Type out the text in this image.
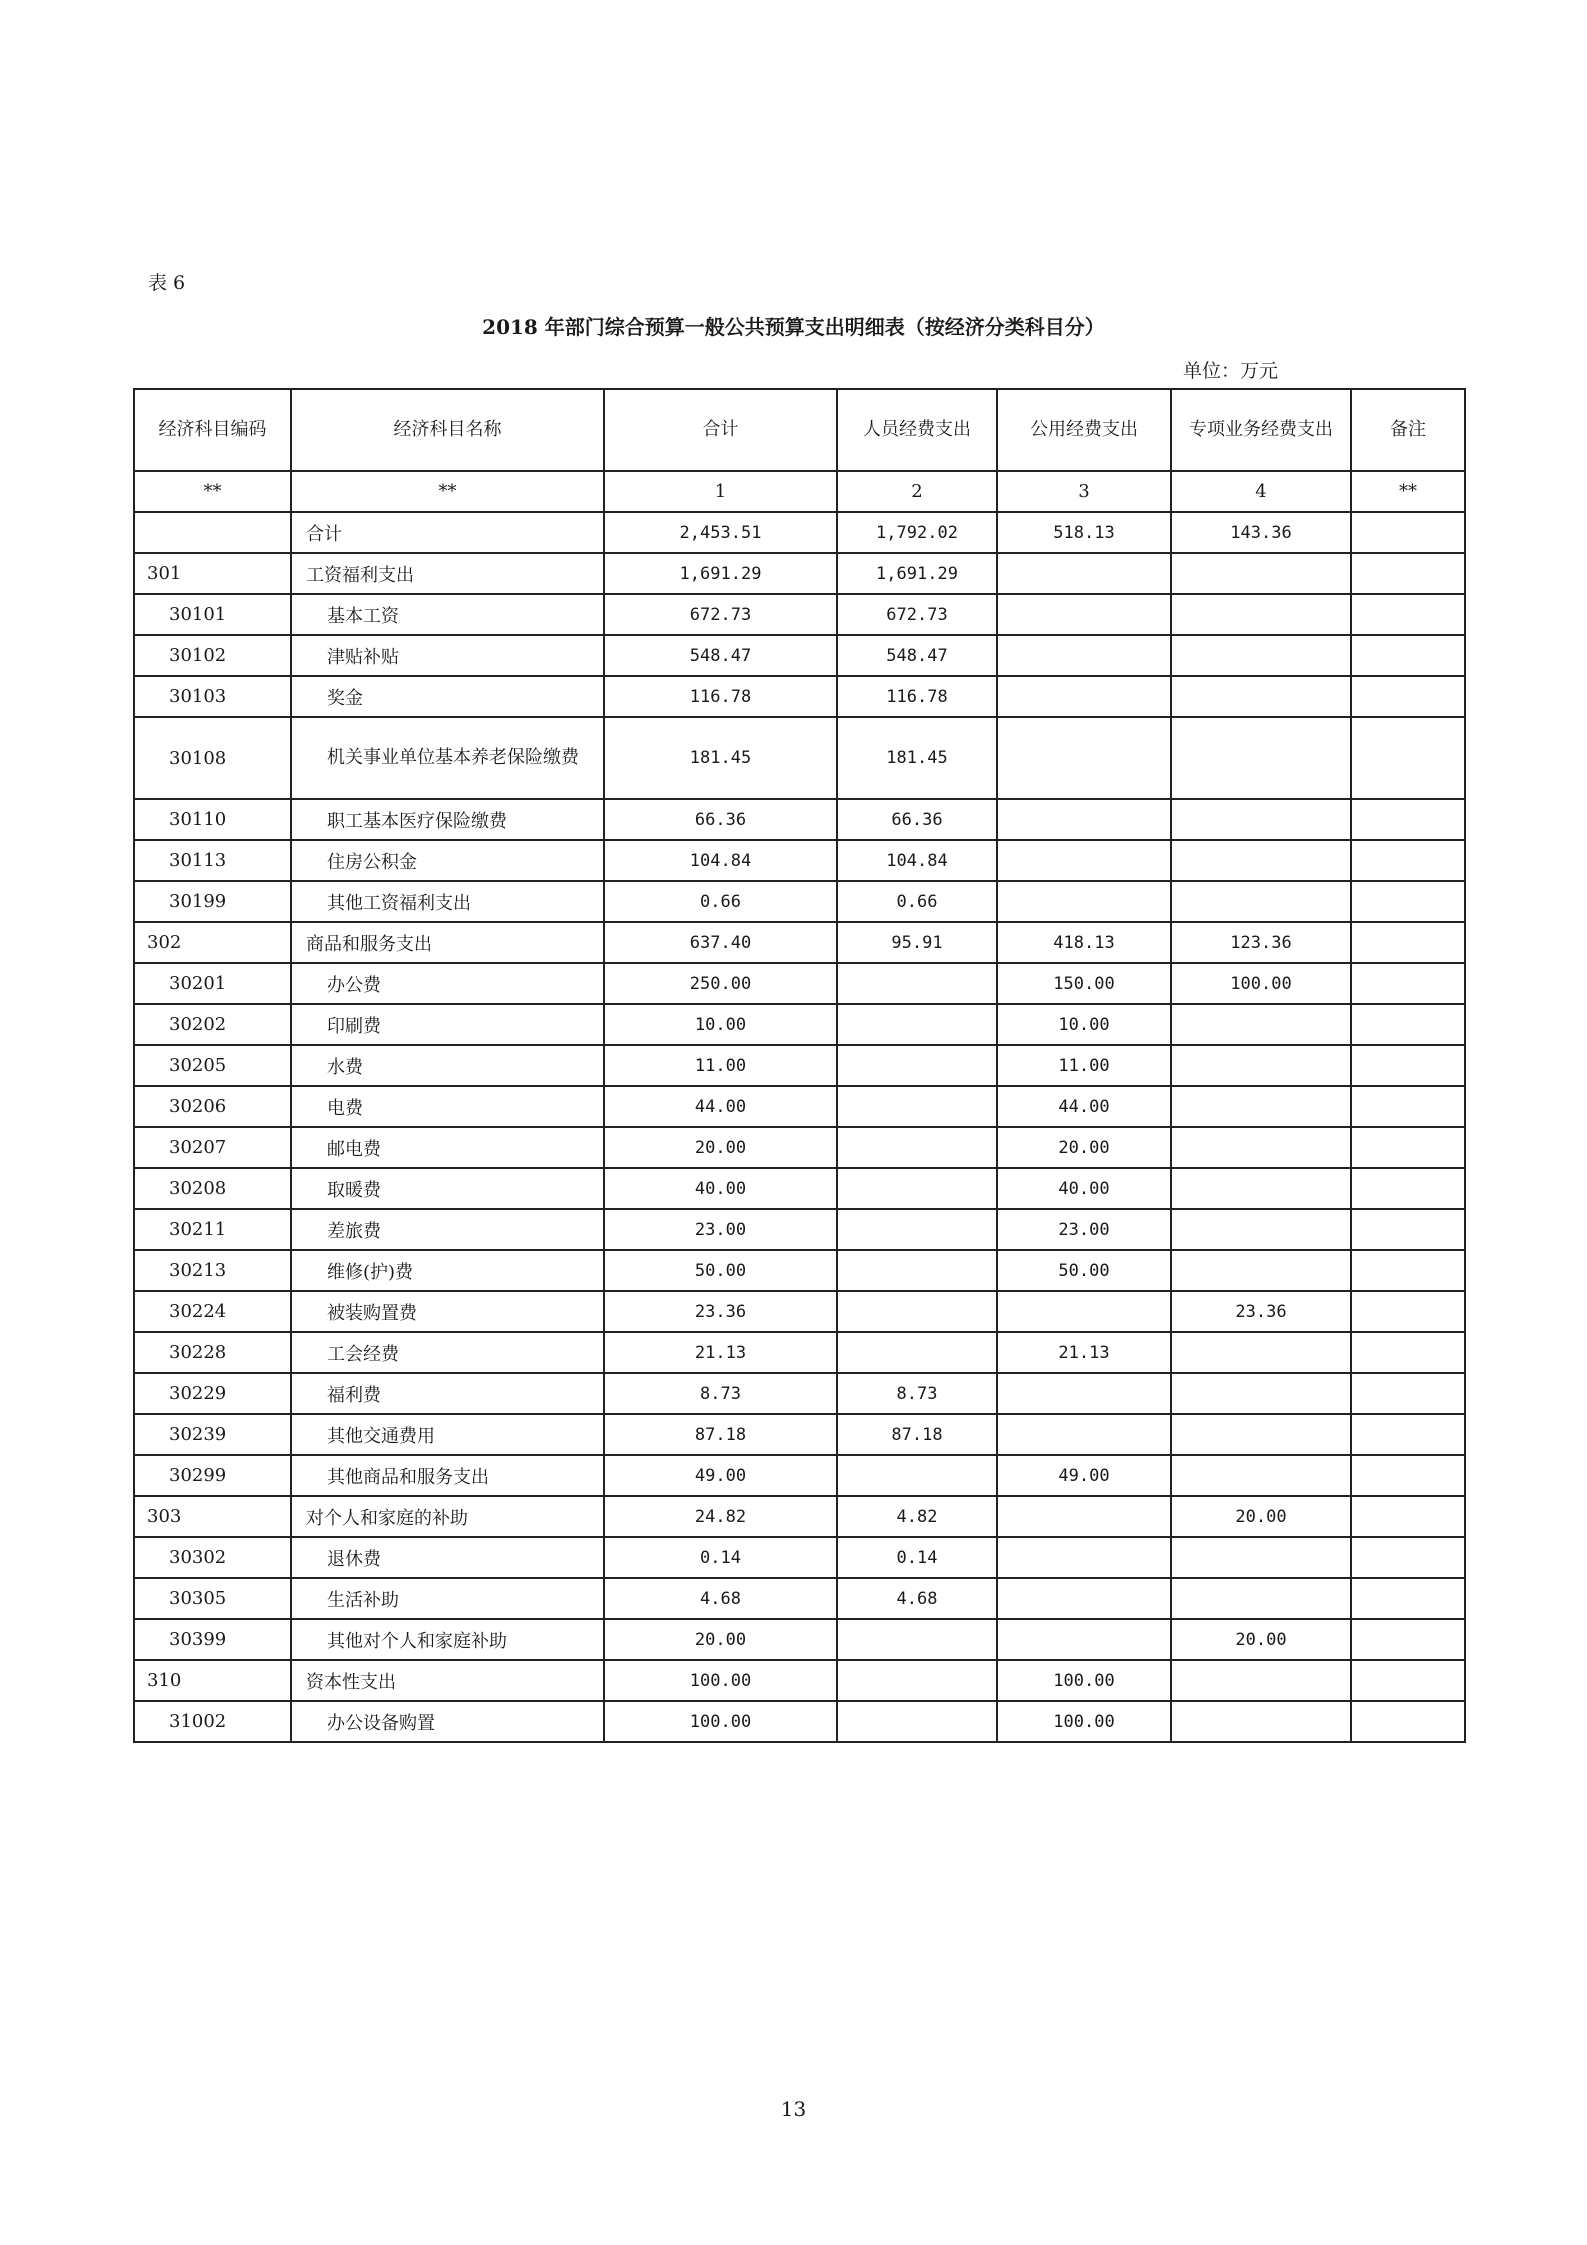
表 6
2018 年部门综合预算一般公共预算支出明细表（按经济分类科目分）
单位：万元
经济科目编码	经济科目名称	合计	人员经费支出	公用经费支出	专项业务经费支出	备注
**	**	1	2	3	4	**
	合计	2,453.51	1,792.02	518.13	143.36	
301	工资福利支出	1,691.29	1,691.29			
30101	基本工资	672.73	672.73			
30102	津贴补贴	548.47	548.47			
30103	奖金	116.78	116.78			
30108	机关事业单位基本养老保险缴费	181.45	181.45			
30110	职工基本医疗保险缴费	66.36	66.36			
30113	住房公积金	104.84	104.84			
30199	其他工资福利支出	0.66	0.66			
302	商品和服务支出	637.40	95.91	418.13	123.36	
30201	办公费	250.00		150.00	100.00	
30202	印刷费	10.00		10.00		
30205	水费	11.00		11.00		
30206	电费	44.00		44.00		
30207	邮电费	20.00		20.00		
30208	取暖费	40.00		40.00		
30211	差旅费	23.00		23.00		
30213	维修(护)费	50.00		50.00		
30224	被装购置费	23.36			23.36	
30228	工会经费	21.13		21.13		
30229	福利费	8.73	8.73			
30239	其他交通费用	87.18	87.18			
30299	其他商品和服务支出	49.00		49.00		
303	对个人和家庭的补助	24.82	4.82		20.00	
30302	退休费	0.14	0.14			
30305	生活补助	4.68	4.68			
30399	其他对个人和家庭补助	20.00			20.00	
310	资本性支出	100.00		100.00		
31002	办公设备购置	100.00		100.00		
13
